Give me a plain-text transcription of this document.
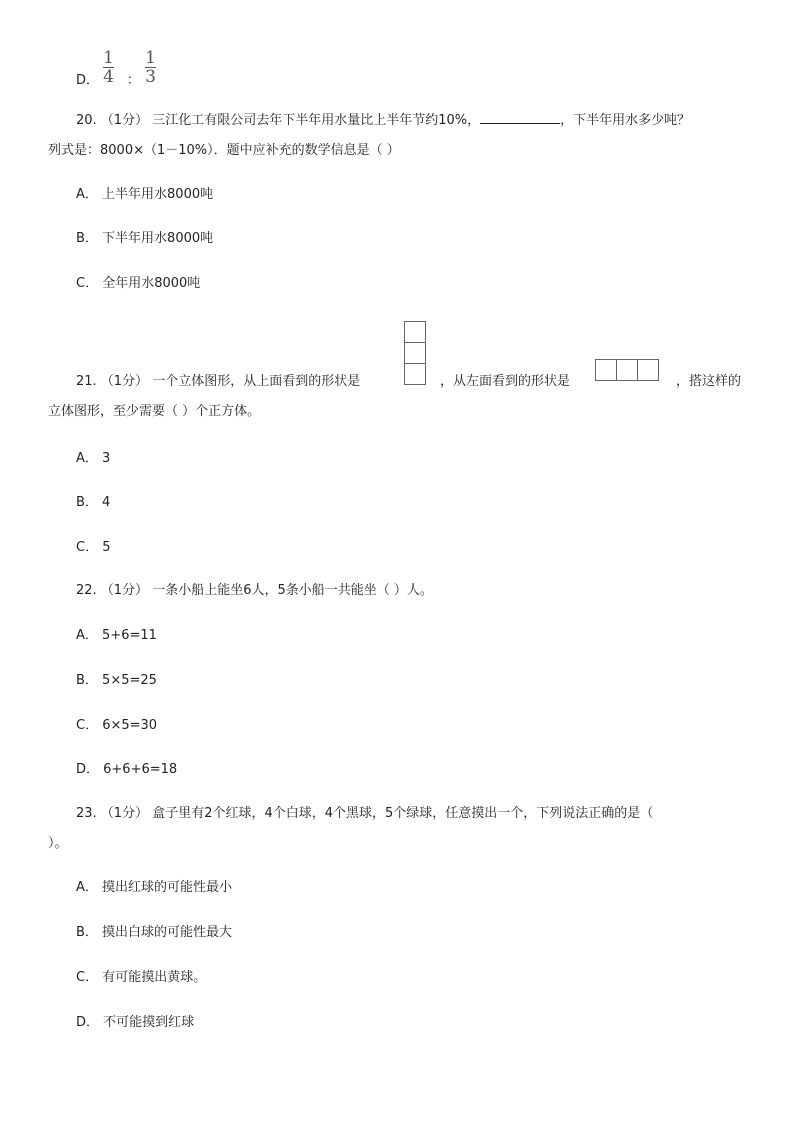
D．
1
4 ：
1
3
20. （1分） 三江化工有限公司去年下半年用水量比上半年节约10%，	，下半年用水多少吨？
列式是：8000×（1－10%）．题中应补充的数学信息是（ ）
A． 上半年用水8000吨
B． 下半年用水8000吨
C． 全年用水8000吨
21. （1分） 一个立体图形，从上面看到的形状是	，从左面看到的形状是	，搭这样的
立体图形，至少需要（ ）个正方体。
A． 3
B． 4
C． 5
22. （1分） 一条小船上能坐6人，5条小船一共能坐（ ）人。
A． 5+6=11
B． 5×5=25
C． 6×5=30
D． 6+6+6=18
23. （1分） 盒子里有2个红球，4个白球，4个黑球，5个绿球，任意摸出一个，下列说法正确的是（
）。
A． 摸出红球的可能性最小
B． 摸出白球的可能性最大
C． 有可能摸出黄球。
D． 不可能摸到红球
